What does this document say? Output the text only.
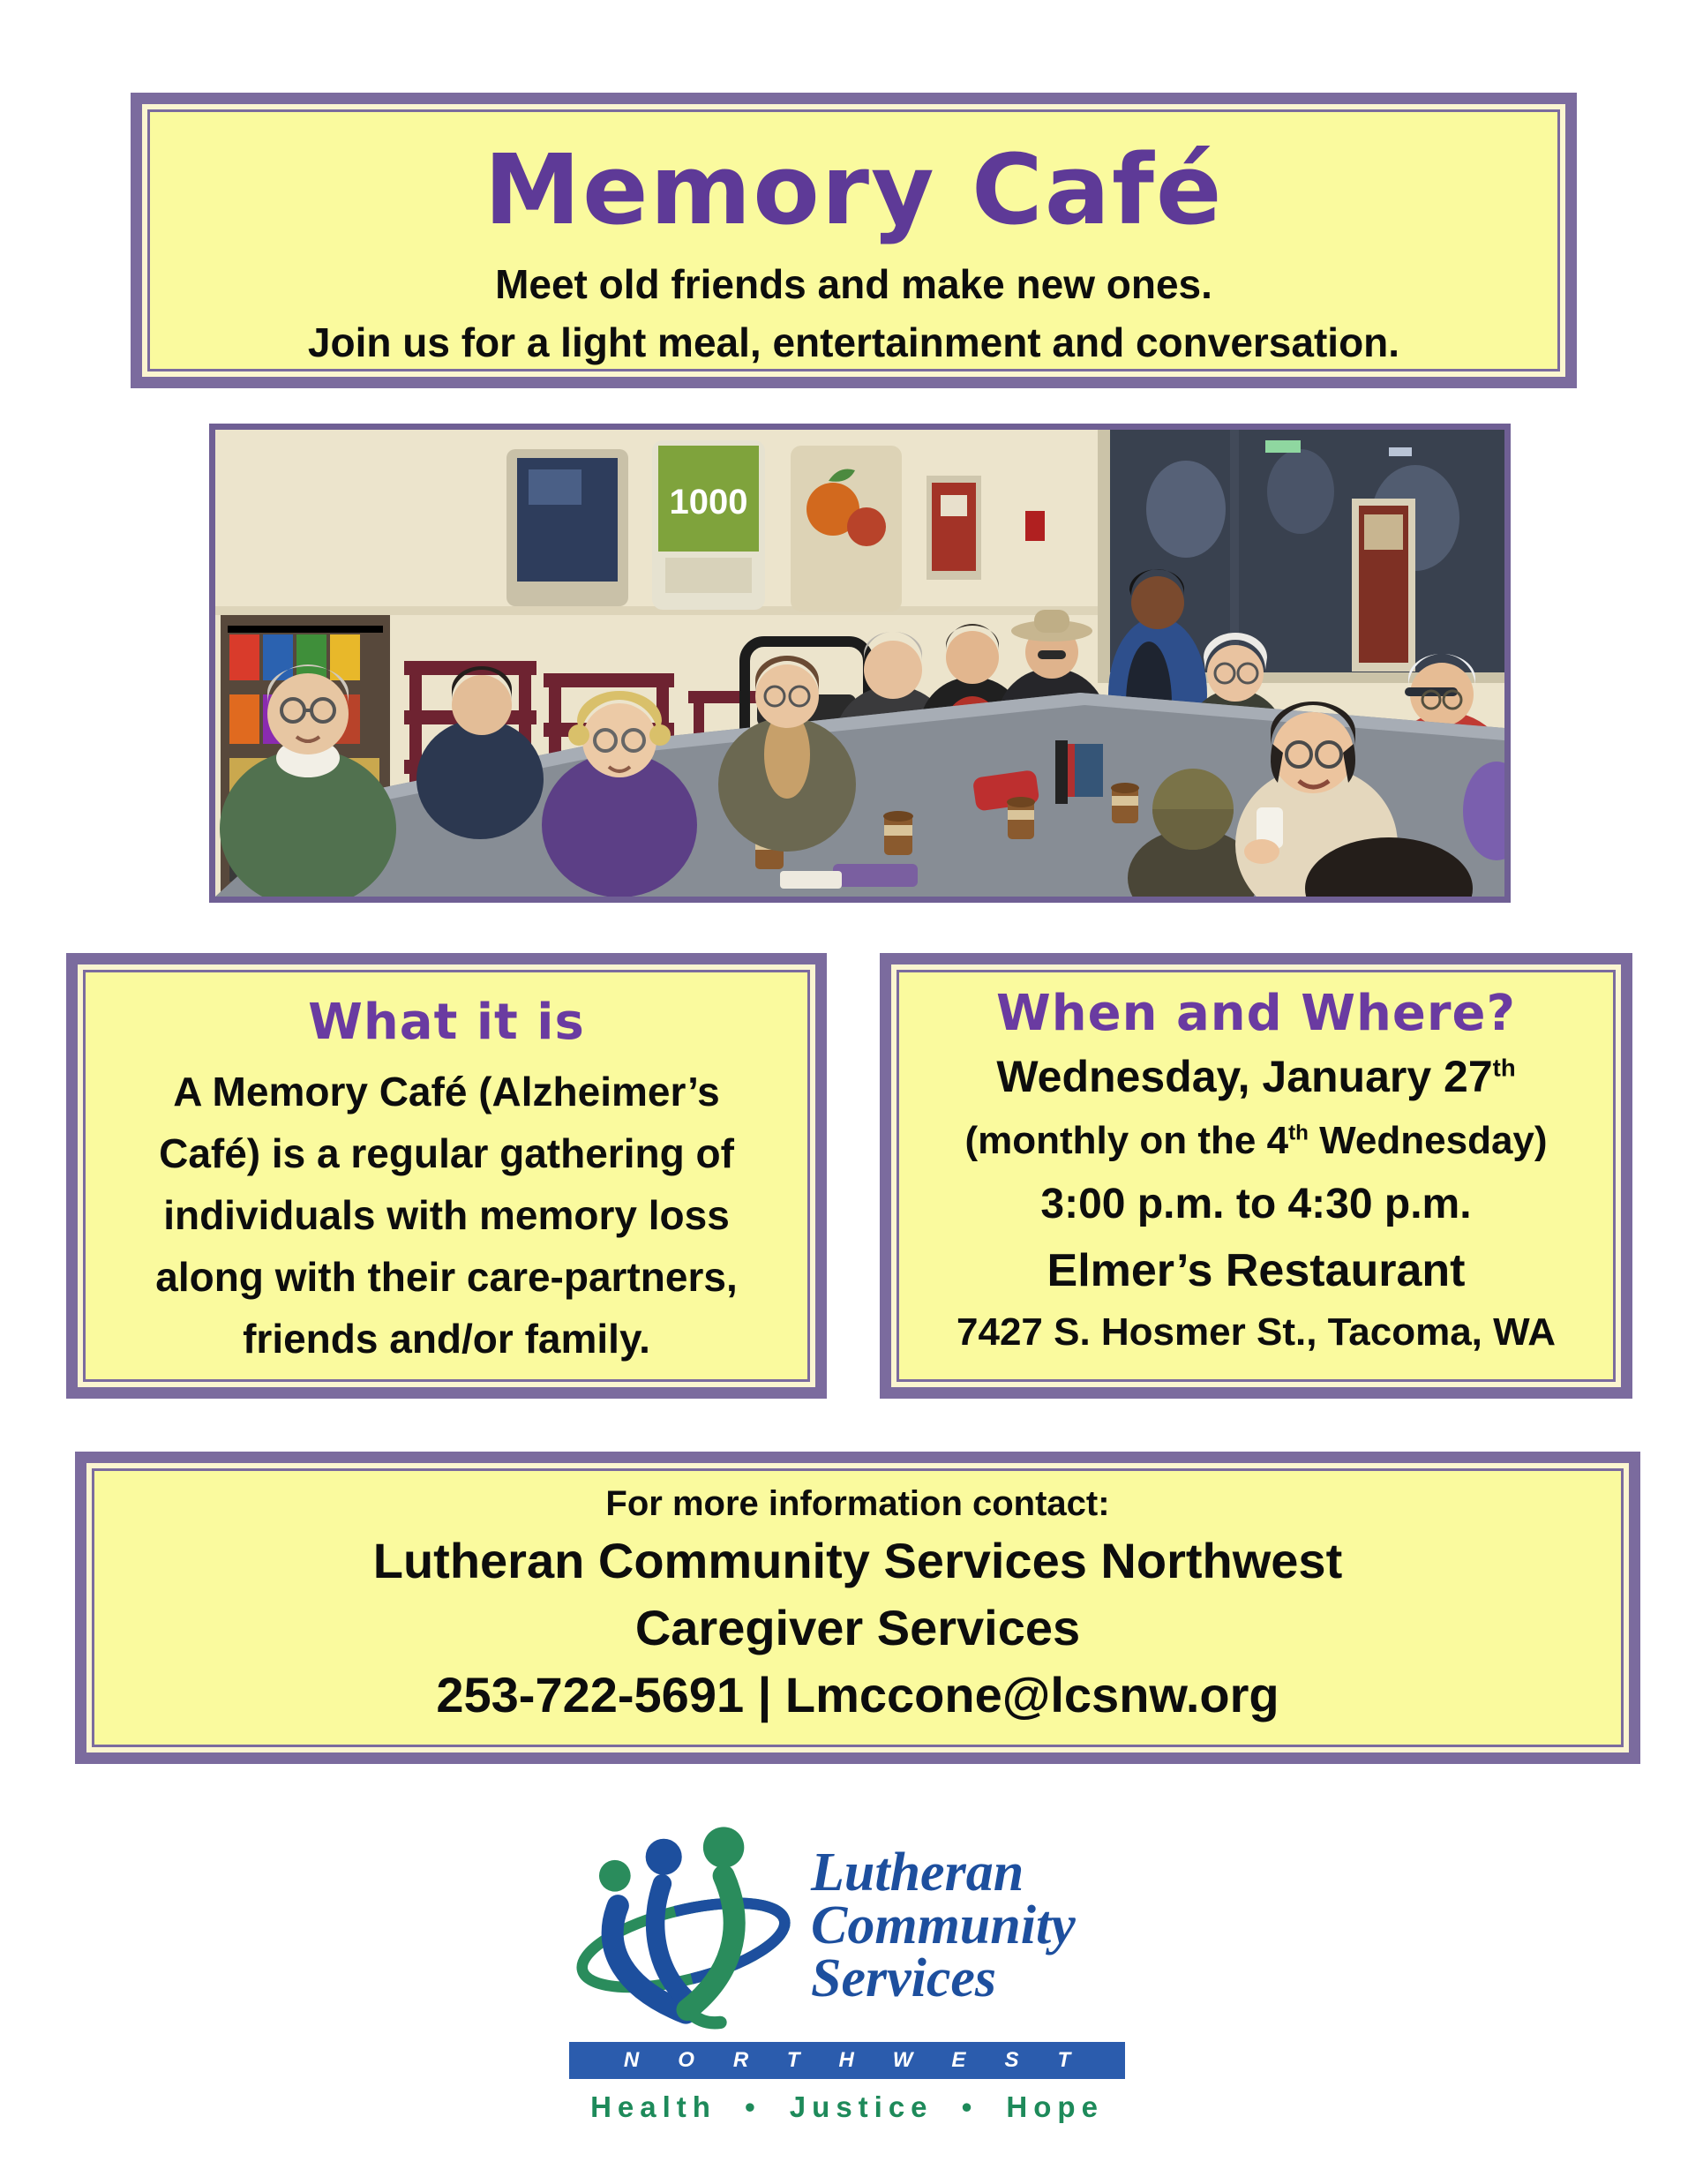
Memory Café
Meet old friends and make new ones.
Join us for a light meal, entertainment and conversation.
1000
What it is
A Memory Café (Alzheimer’s
Café) is a regular gathering of
individuals with memory loss
along with their care-partners,
friends and/or family.
When and Where?
Wednesday, January 27th
(monthly on the 4th Wednesday)
3:00 p.m. to 4:30 p.m.
Elmer’s Restaurant
7427 S. Hosmer St., Tacoma, WA
For more information contact:
Lutheran Community Services Northwest
Caregiver Services
253-722-5691 | Lmccone@lcsnw.org
Lutheran
Community
Services
NORTHWEST
Health • Justice • Hope
